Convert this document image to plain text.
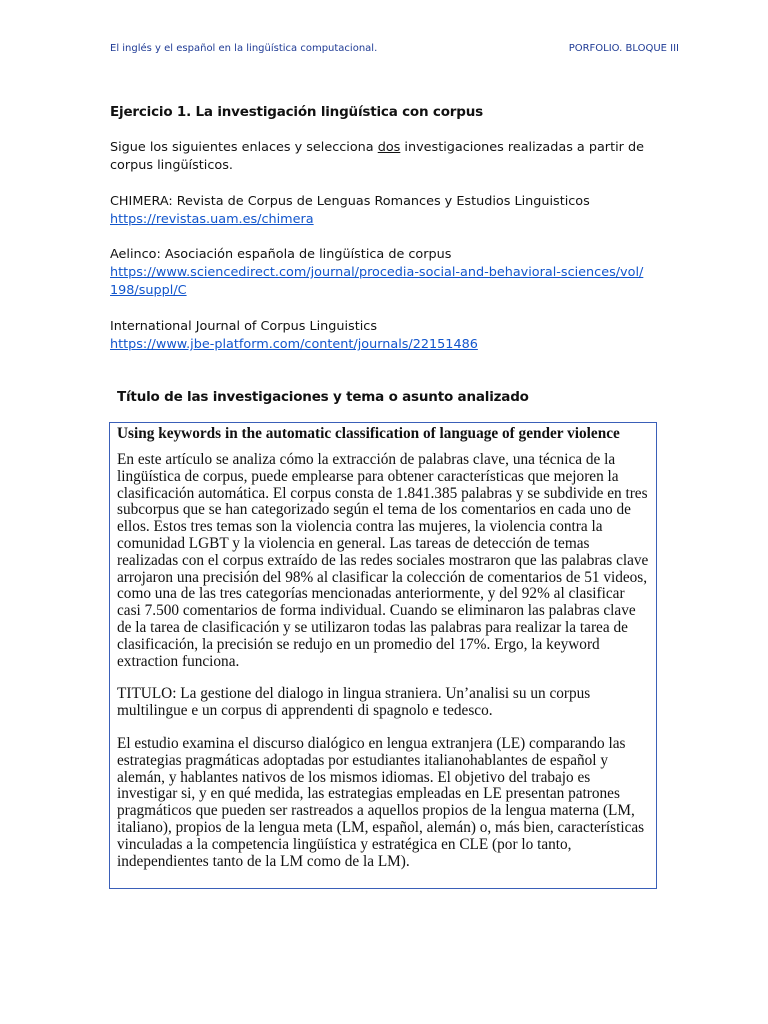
El inglés y el español en la lingüística computacional.	PORFOLIO. BLOQUE III
Ejercicio 1. La investigación lingüística con corpus
Sigue los siguientes enlaces y selecciona dos investigaciones realizadas a partir de corpus lingüísticos.
CHIMERA: Revista de Corpus de Lenguas Romances y Estudios Linguisticos
https://revistas.uam.es/chimera
Aelinco: Asociación española de lingüística de corpus
https://www.sciencedirect.com/journal/procedia-social-and-behavioral-sciences/vol/
198/suppl/C
International Journal of Corpus Linguistics
https://www.jbe-platform.com/content/journals/22151486
Título de las investigaciones y tema o asunto analizado
Using keywords in the automatic classification of language of gender violence

En este artículo se analiza cómo la extracción de palabras clave, una técnica de la lingüística de corpus, puede emplearse para obtener características que mejoren la clasificación automática. El corpus consta de 1.841.385 palabras y se subdivide en tres subcorpus que se han categorizado según el tema de los comentarios en cada uno de ellos. Estos tres temas son la violencia contra las mujeres, la violencia contra la comunidad LGBT y la violencia en general. Las tareas de detección de temas realizadas con el corpus extraído de las redes sociales mostraron que las palabras clave arrojaron una precisión del 98% al clasificar la colección de comentarios de 51 videos, como una de las tres categorías mencionadas anteriormente, y del 92% al clasificar casi 7.500 comentarios de forma individual. Cuando se eliminaron las palabras clave de la tarea de clasificación y se utilizaron todas las palabras para realizar la tarea de clasificación, la precisión se redujo en un promedio del 17%. Ergo, la keyword extraction funciona.

TITULO: La gestione del dialogo in lingua straniera. Un’analisi su un corpus multilingue e un corpus di apprendenti di spagnolo e tedesco.

El estudio examina el discurso dialógico en lengua extranjera (LE) comparando las estrategias pragmáticas adoptadas por estudiantes italianohablantes de español y alemán, y hablantes nativos de los mismos idiomas. El objetivo del trabajo es investigar si, y en qué medida, las estrategias empleadas en LE presentan patrones pragmáticos que pueden ser rastreados a aquellos propios de la lengua materna (LM, italiano), propios de la lengua meta (LM, español, alemán) o, más bien, características vinculadas a la competencia lingüística y estratégica en CLE (por lo tanto, independientes tanto de la LM como de la LM).
